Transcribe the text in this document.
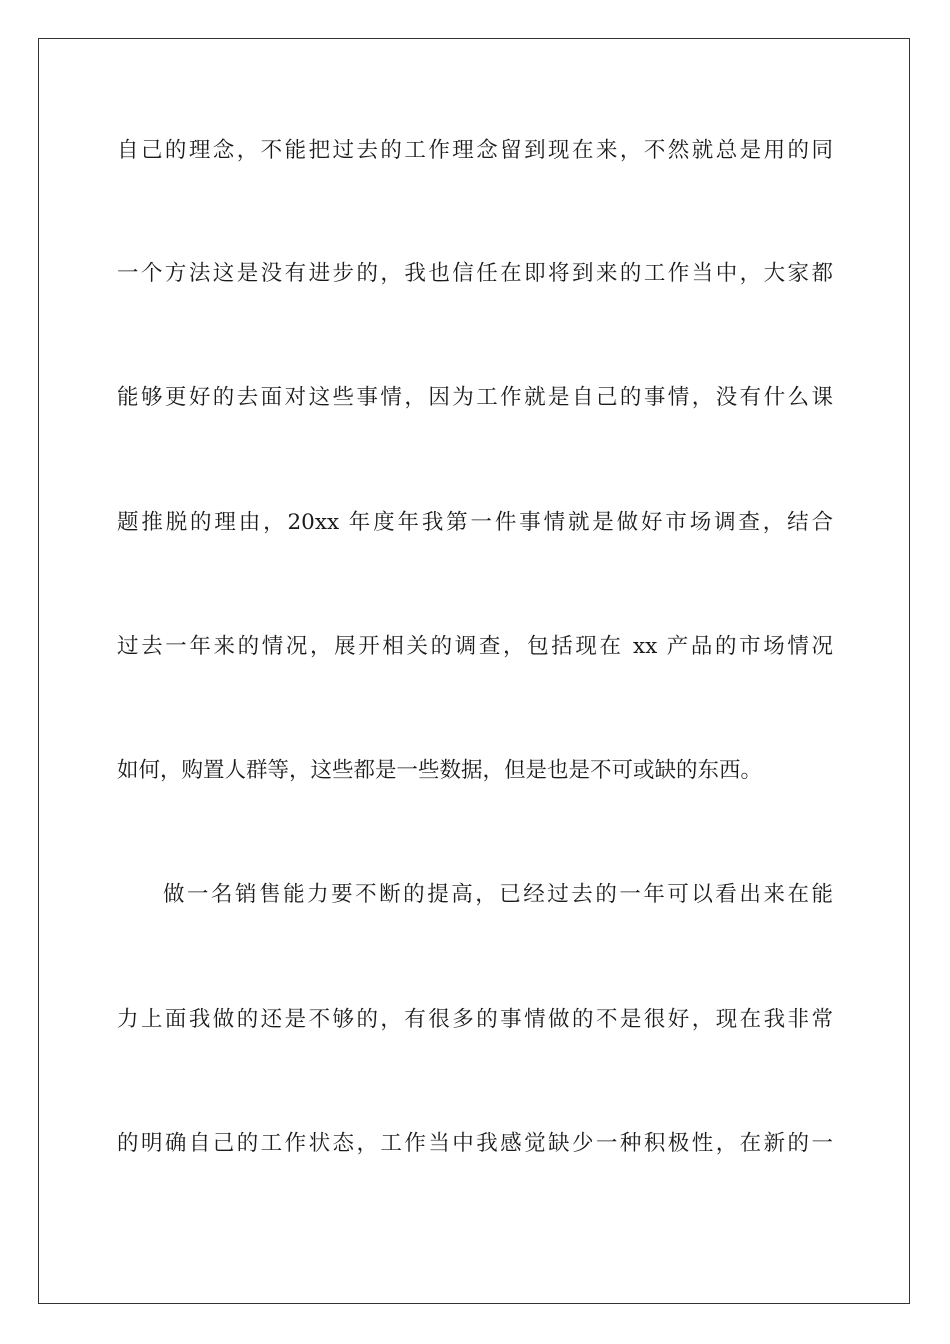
自己的理念，不能把过去的工作理念留到现在来，不然就总是用的同
一个方法这是没有进步的，我也信任在即将到来的工作当中，大家都
能够更好的去面对这些事情，因为工作就是自己的事情，没有什么课
题推脱的理由，20xx 年度年我第一件事情就是做好市场调查，结合
过去一年来的情况，展开相关的调查，包括现在 xx 产品的市场情况
如何，购置人群等，这些都是一些数据，但是也是不可或缺的东西。
做一名销售能力要不断的提高，已经过去的一年可以看出来在能
力上面我做的还是不够的，有很多的事情做的不是很好，现在我非常
的明确自己的工作状态，工作当中我感觉缺少一种积极性，在新的一
